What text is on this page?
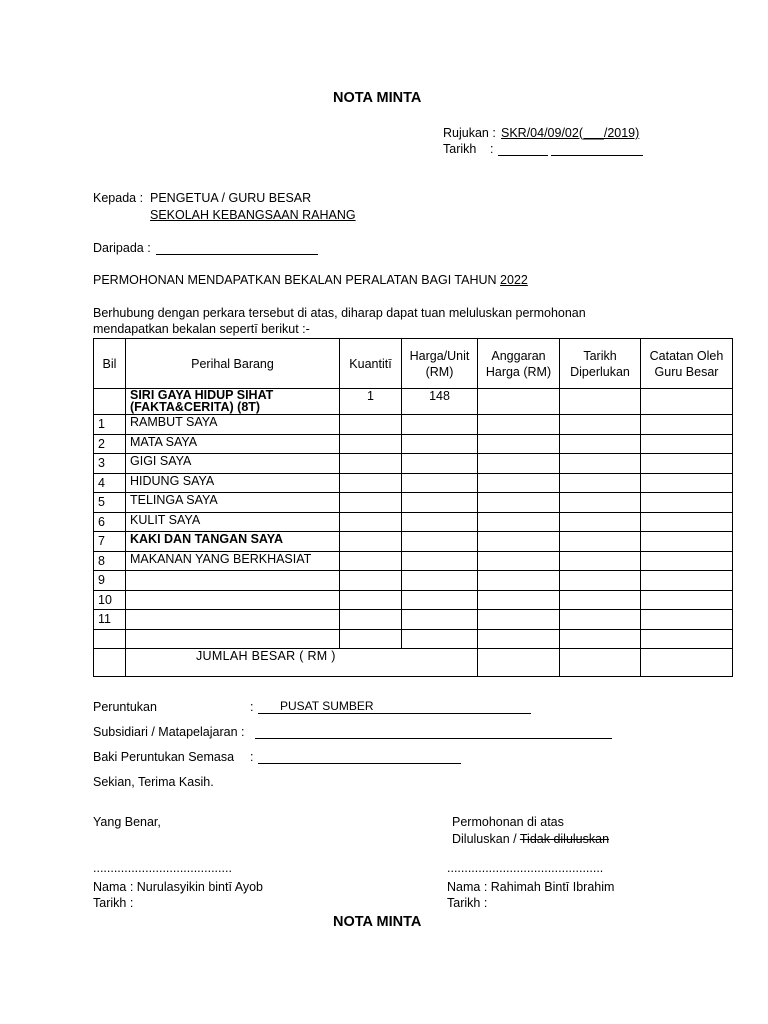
NOTA MINTA
Rujukan : SKR/04/09/02(___/2019)
Tarikh :
Kepada : PENGETUA / GURU BESAR
SEKOLAH KEBANGSAAN RAHANG
Daripada :
PERMOHONAN MENDAPATKAN BEKALAN PERALATAN BAGI TAHUN 2022
Berhubung dengan perkara tersebut di atas, diharap dapat tuan meluluskan permohonan
mendapatkan bekalan sepertī berikut :-
Bil	Perihal Barang	Kuantitī	Harga/Unit (RM)	Anggaran Harga (RM)	Tarikh Diperlukan	Catatan Oleh Guru Besar
	SIRI GAYA HIDUP SIHAT (FAKTA&CERITA) (8T)	1	148			
1	RAMBUT SAYA					
2	MATA SAYA					
3	GIGI SAYA					
4	HIDUNG SAYA					
5	TELINGA SAYA					
6	KULIT SAYA					
7	KAKI DAN TANGAN SAYA					
8	MAKANAN YANG BERKHASIAT					
9						
10						
11						

	JUMLAH BESAR ( RM )					
Peruntukan	: PUSAT SUMBER
Subsidiari / Matapelajaran :
Baki Peruntukan Semasa :
Sekian, Terima Kasih.
Yang Benar,	Permohonan di atas
Diluluskan / Tidak diluluskan
........................................	.............................................
Nama : Nurulasyikin bintī Ayob
Tarikh :
Nama : Rahimah Bintī Ibrahim
Tarikh :
NOTA MINTA
